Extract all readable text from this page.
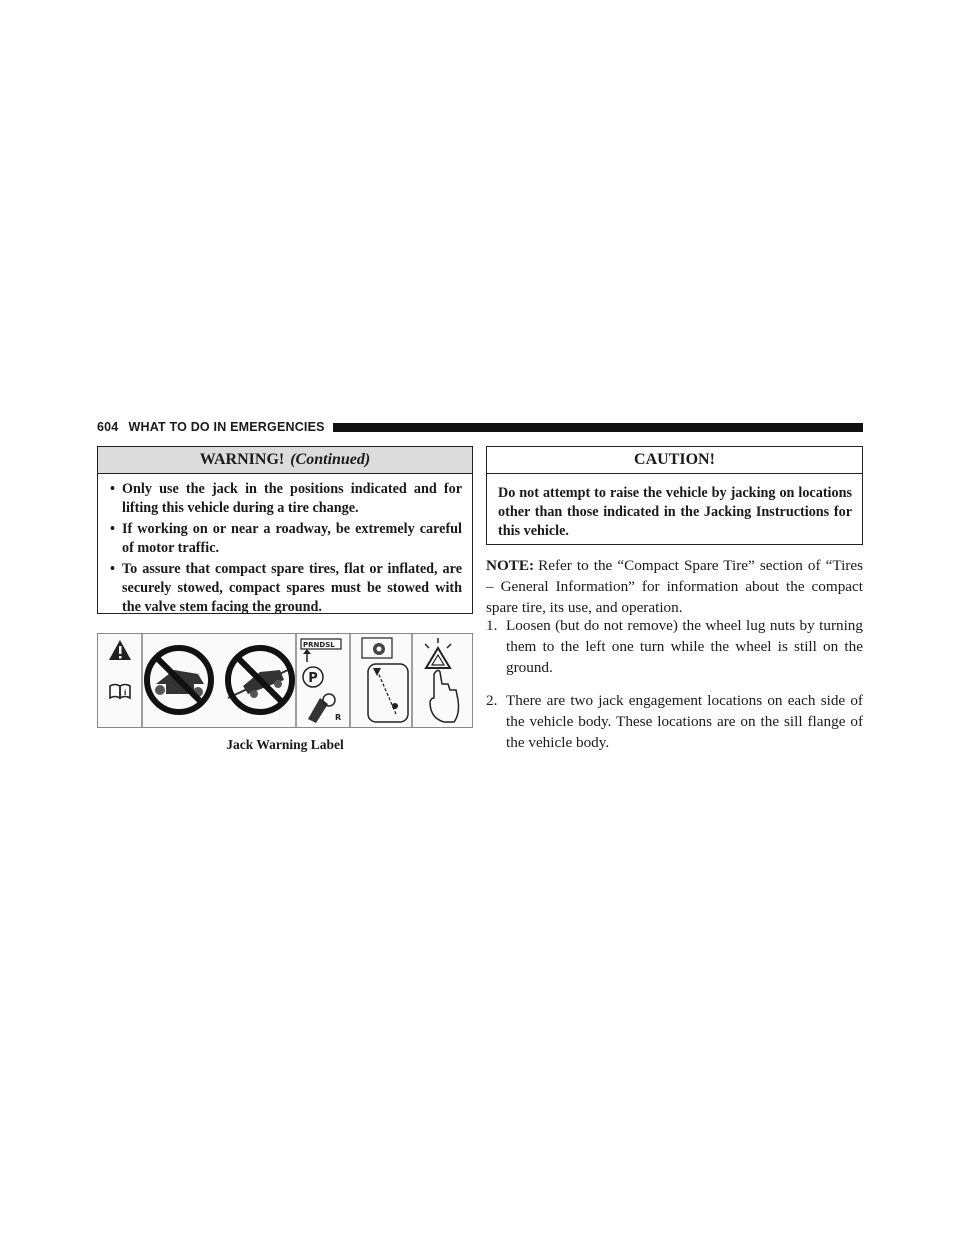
604 WHAT TO DO IN EMERGENCIES
WARNING! (Continued)
• Only use the jack in the positions indicated and for lifting this vehicle during a tire change.
• If working on or near a roadway, be extremely careful of motor traffic.
• To assure that compact spare tires, flat or inflated, are securely stowed, compact spares must be stowed with the valve stem facing the ground.
i
PRNDSL
P
R
Jack Warning Label
CAUTION!
Do not attempt to raise the vehicle by jacking on locations other than those indicated in the Jacking Instructions for this vehicle.
NOTE: Refer to the “Compact Spare Tire” section of “Tires – General Information” for information about the compact spare tire, its use, and operation.
1. Loosen (but do not remove) the wheel lug nuts by turning them to the left one turn while the wheel is still on the ground.
2. There are two jack engagement locations on each side of the vehicle body. These locations are on the sill flange of the vehicle body.
